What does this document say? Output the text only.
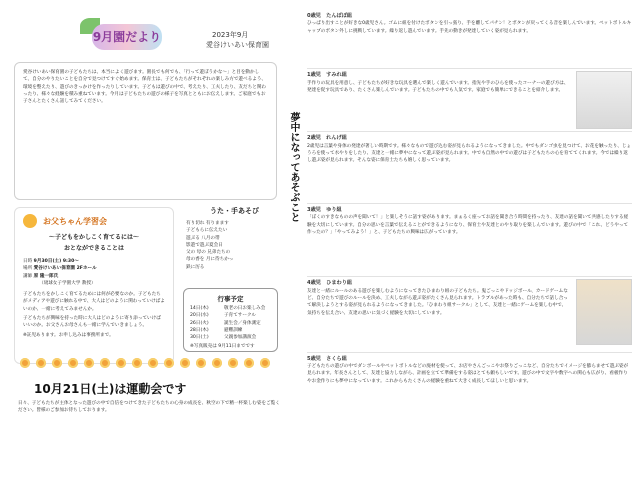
9月園だより	2023年9月
愛谷けいあい保育園
愛谷けいあい保育園の子どもたちは、本当によく遊びます。園長でも何でも、「行って遊ぼうかな〜」と目を動かして、自分のやりたいことを自分で見つけてすぐ始めます。保育士は、子どもたちがそれぞれの楽しみ方で遊べるよう、環境を整えたり、遊びのきっかけを作ったりしています。子どもは遊びの中で、考えたり、工夫したり、友だちと関わったり、様々な経験を積み重ねています。今月は子どもたちの遊びの様子を写真とともにお伝えします。ご家庭でもお子さんとたくさん話してみてください。
お父ちゃん学習会
〜子どもをかしこく育てるには〜
おとなができることは
日時 9月30日(土) 9:30〜
場所 愛谷けいあい保育園 2Fホール
講師 原 隆一郎氏
（琉球女子学園大学 教授）
子どもたちをかしこく育てるためには何が必要なのか。子どもたちがメディアや遊びに触れる中で、大人はどのように関わっていけばよいのか、一緒に考えてみませんか。
子どもたちが興味を持った時に大人はどのように寄り添っていけばいいのか。お父さんお母さんも一緒に学んでいきましょう。
※託児あります。お申し込みは事務所まで。
うた・手あそび
有り切れ 有りまます
子どもらに伝えたい
遊ぶる 八月の帯
影遊で遊ぶ夏会日
父の 母の 兄弟たちの
母の香を 月に待ちかっ
鉄に厉る
行事予定
14日(木)	敬老の日お楽しみ会
20日(水)	子育てサークル
26日(火)	誕生会／身体測定
28日(木)	避難訓練
30日(土)	父親参加講演会
※写真販売は 9月11日までです
10月21日(土)は運動会です
日々、子どもたちが主体となった遊びの中で自信をつけてきた子どもたちの心身の成長を、秋空の下で精一杯楽しむ姿をご覧ください。皆様のご参加お待ちしております。
夢中になってあそぶこと
0歳児　たんぽぽ組
ひっぱり出すことが好きな0歳児さん。ゴムに紐を付けたボタンを引っ張り、手を離してパチン！とボタンが戻ってくる音を楽しんでいます。ペットボトルキャップのボタン外しに挑戦しています。繰り返し遊んでいます。手先の動きが発達していく姿が見られます。
1歳児　すみれ組
手作りの玩具を用意し、子どもたちが好きな玩具を選んで楽しく遊んでいます。指先や手のひらを使ったコーナーの遊び方は、発達を促す玩具であり、たくさん楽しんでいます。子どもたちの中でも人気です。家庭でも簡単にできることを紹介します。
2歳児　れんげ組
2歳児は言葉や身体の発達が著しい時期です。様々なもので遊び込む姿が見られるようになってきました。中でもダンゴ虫を見つけて、お花を触ったり、じょうろを使って水やりをしたり、友達と一緒に夢中になって遊ぶ姿が見られます。中でも自然の中での遊びは子どもたちの心を育ててくれます。今では繰り返し遊ぶ姿が見られます。そんな姿に保育士たちも嬉しく思っています。
3歳児　ゆり組
「ぼくのすきなものの声を聞いて！」と楽しそうに話す姿があります。まぁるく座ってお話を聞き合う時間を持ったり、友達の話を聞いて共感したりする経験を大切にしています。自分の思いを言葉で伝えることができるようになり、保育士や友達とのやり取りを楽しんでいます。遊びの中で「これ、どうやって作ったの？」「やってみよう！」と、子どもたちの興味は広がっています。
4歳児　ひまわり組
友達と一緒にルールのある遊びを楽しむようになってきたひまわり組の子どもたち。鬼ごっこやドッジボール、カードゲームなど、自分たちで遊びのルールを決め、工夫しながら遊ぶ姿がたくさん見られます。トラブルがあった時も、自分たちで話し合って解決しようとする姿が見られるようになってきました。「ひまわり組サークル」として、友達と一緒にゲームを楽しむ中で、気持ちを伝え合い、友達の思いに気づく経験を大切にしています。
5歳児　さくら組
子どもたちの遊びの中でダンボールやペットボトルなどの廃材を使って、お店やさんごっこやお祭りごっこなど、自分たちでイメージを膨らませて遊ぶ姿が見られます。年長さんとして、友達と協力しながら、計画を立てて準備をする姿はとても頼もしいです。遊びの中で文字や数字への関心も広がり、看板作りやお金作りにも夢中になっています。これからもたくさんの経験を重ねて大きく成長してほしいと思います。
